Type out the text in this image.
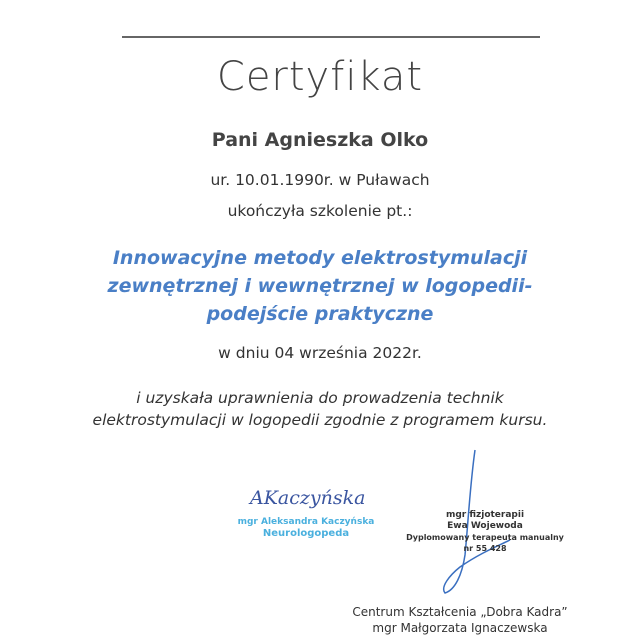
Certyfikat
Pani Agnieszka Olko
ur. 10.01.1990r. w Puławach
ukończyła szkolenie pt.:
Innowacyjne metody elektrostymulacji
zewnętrznej i wewnętrznej w logopedii-
podejście praktyczne
w dniu 04 września 2022r.
i uzyskała uprawnienia do prowadzenia technik
elektrostymulacji w logopedii zgodnie z programem kursu.
AKaczyńska
mgr Aleksandra Kaczyńska
Neurologopeda
mgr fizjoterapii
Ewa Wojewoda
Dyplomowany terapeuta manualny
nr 55 428
Centrum Kształcenia „Dobra Kadra”
mgr Małgorzata Ignaczewska
